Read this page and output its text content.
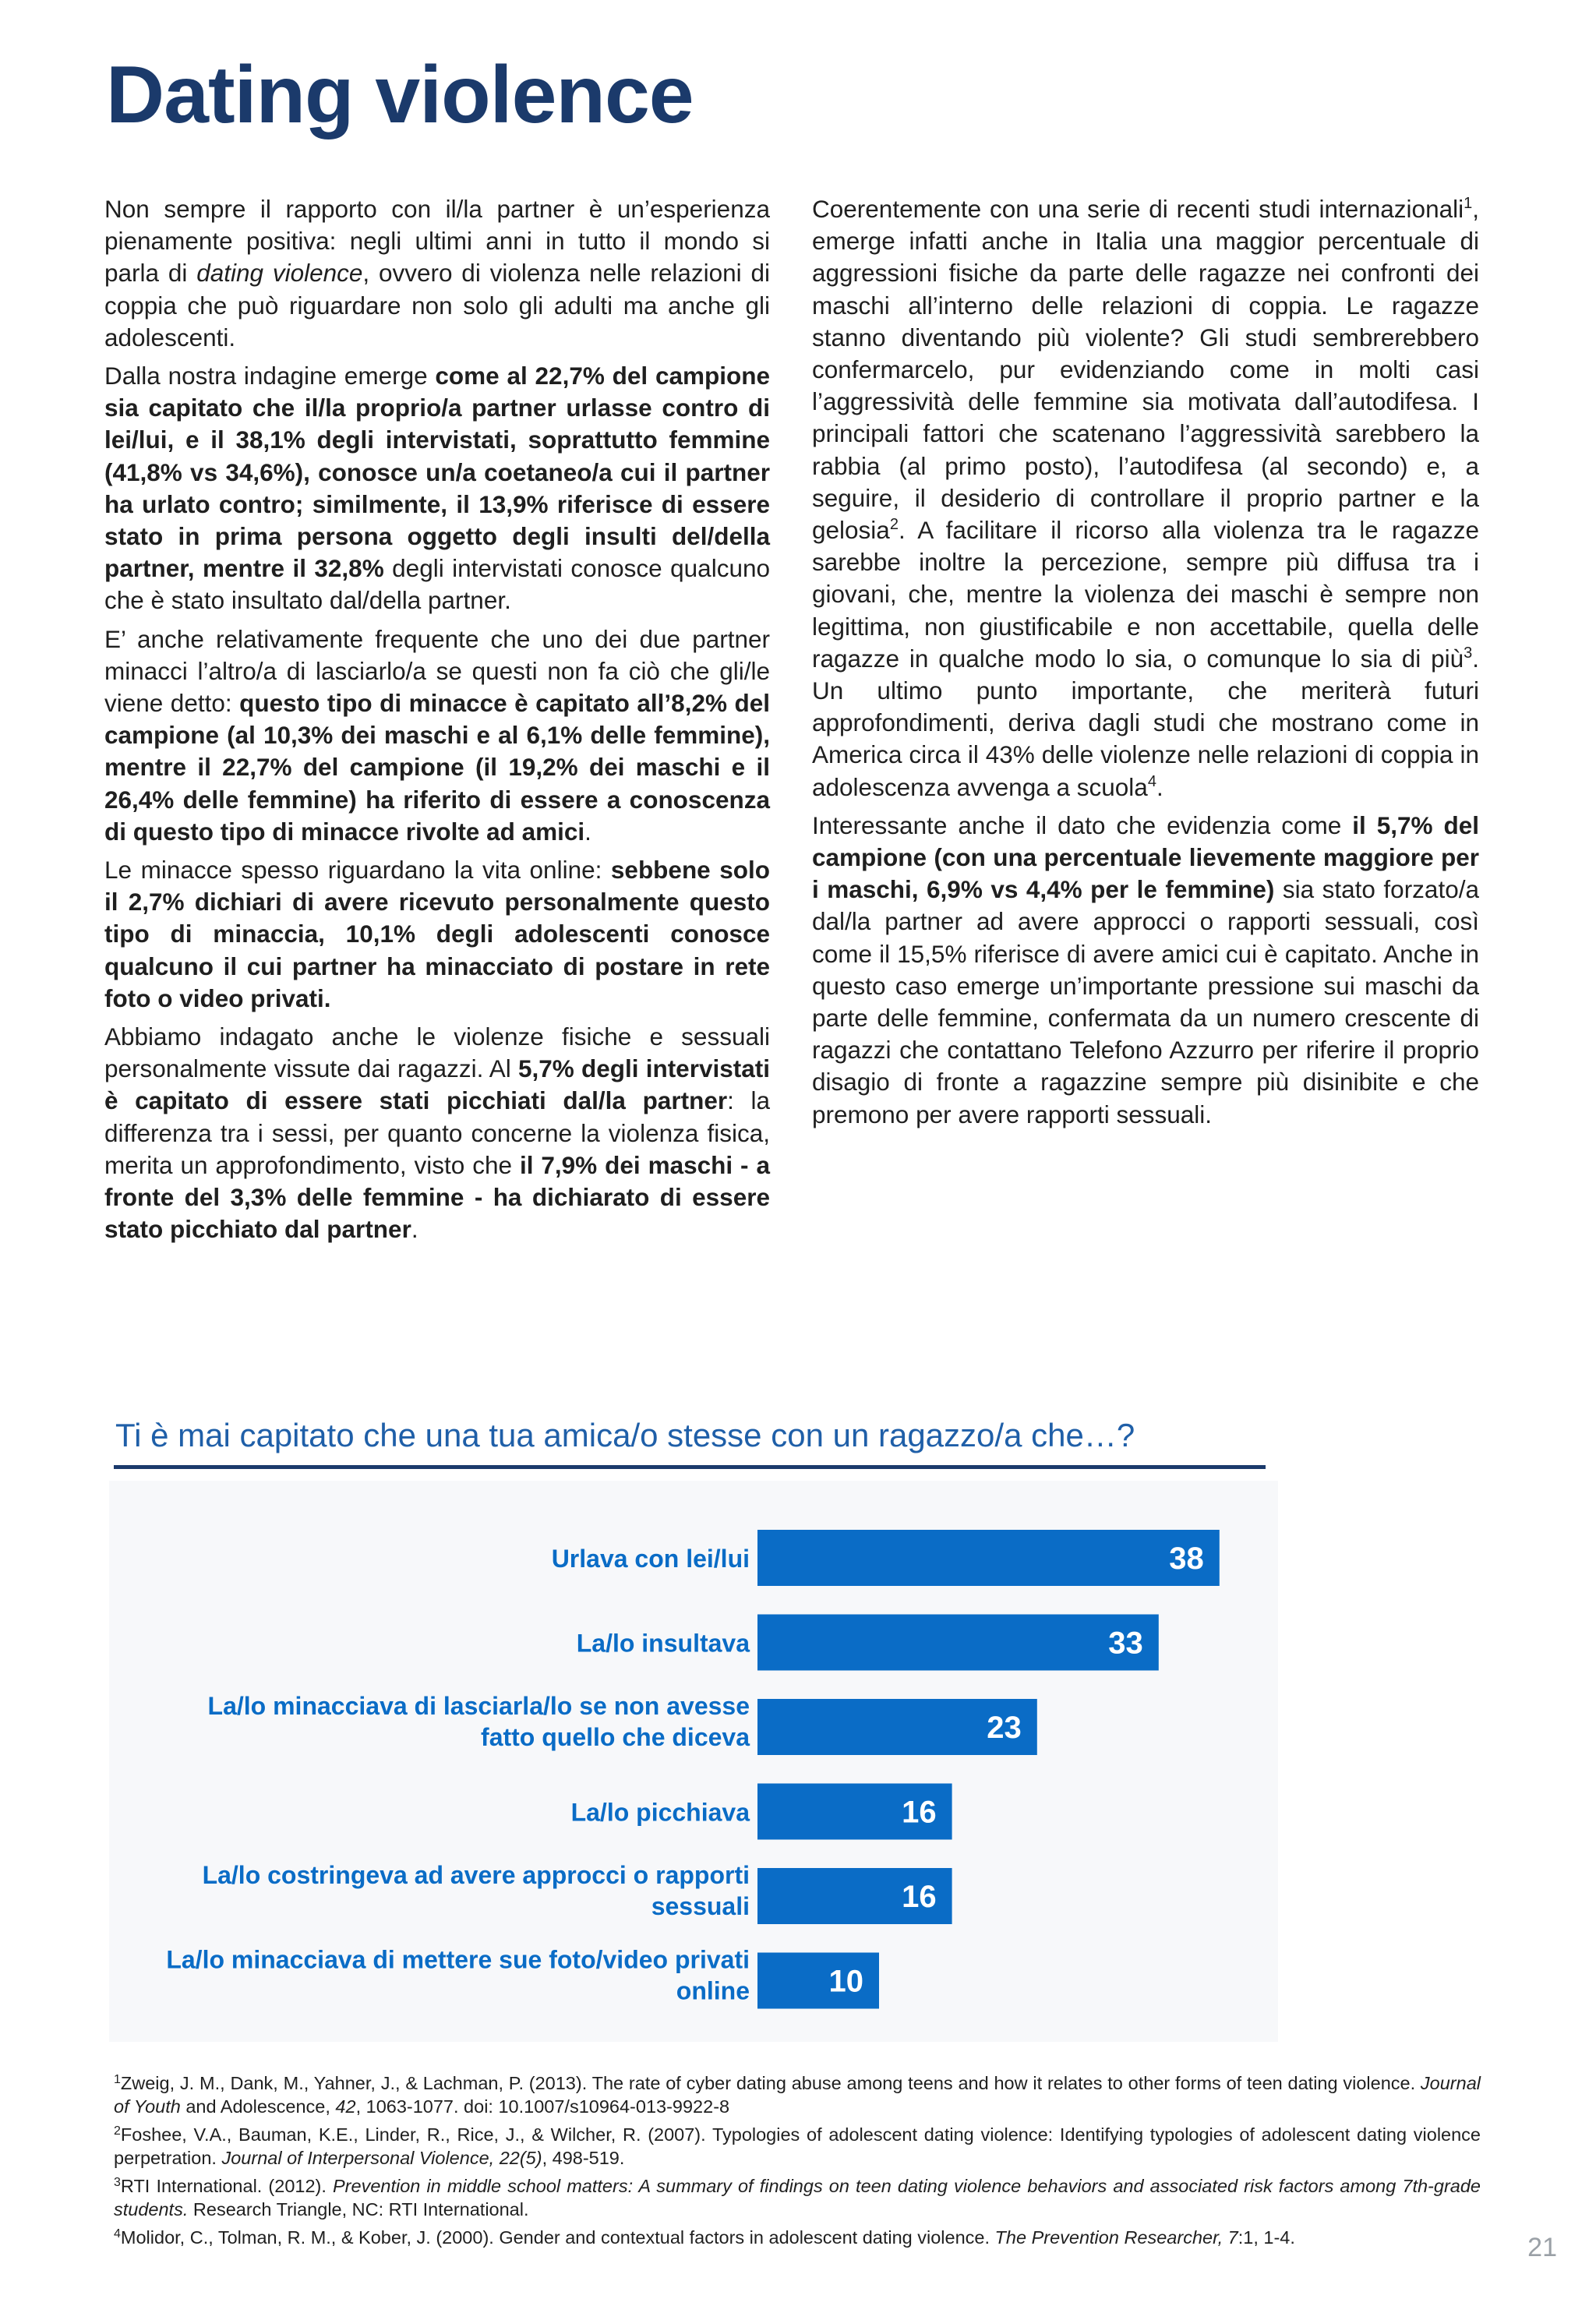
Dating violence

Non sempre il rapporto con il/la partner è un’esperienza pienamente positiva: negli ultimi anni in tutto il mondo si parla di dating violence, ovvero di violenza nelle relazioni di coppia che può riguardare non solo gli adulti ma anche gli adolescenti.

Dalla nostra indagine emerge come al 22,7% del campione sia capitato che il/la proprio/a partner urlasse contro di lei/lui, e il 38,1% degli intervistati, soprattutto femmine (41,8% vs 34,6%), conosce un/a coetaneo/a cui il partner ha urlato contro; similmente, il 13,9% riferisce di essere stato in prima persona oggetto degli insulti del/della partner, mentre il 32,8% degli intervistati conosce qualcuno che è stato insultato dal/della partner.

E’ anche relativamente frequente che uno dei due partner minacci l’altro/a di lasciarlo/a se questi non fa ciò che gli/le viene detto: questo tipo di minacce è capitato all’8,2% del campione (al 10,3% dei maschi e al 6,1% delle femmine), mentre il 22,7% del campione (il 19,2% dei maschi e il 26,4% delle femmine) ha riferito di essere a conoscenza di questo tipo di minacce rivolte ad amici.

Le minacce spesso riguardano la vita online: sebbene solo il 2,7% dichiari di avere ricevuto personalmente questo tipo di minaccia, 10,1% degli adolescenti conosce qualcuno il cui partner ha minacciato di postare in rete foto o video privati.

Abbiamo indagato anche le violenze fisiche e sessuali personalmente vissute dai ragazzi. Al 5,7% degli intervistati è capitato di essere stati picchiati dal/la partner: la differenza tra i sessi, per quanto concerne la violenza fisica, merita un approfondimento, visto che il 7,9% dei maschi - a fronte del 3,3% delle femmine - ha dichiarato di essere stato picchiato dal partner.

Coerentemente con una serie di recenti studi internazionali$^1$, emerge infatti anche in Italia una maggior percentuale di aggressioni fisiche da parte delle ragazze nei confronti dei maschi all’interno delle relazioni di coppia. Le ragazze stanno diventando più violente? Gli studi sembrerebbero confermarcelo, pur evidenziando come in molti casi l’aggressività delle femmine sia motivata dall’autodifesa. I principali fattori che scatenano l’aggressività sarebbero la rabbia (al primo posto), l’autodifesa (al secondo) e, a seguire, il desiderio di controllare il proprio partner e la gelosia$^2$. A facilitare il ricorso alla violenza tra le ragazze sarebbe inoltre la percezione, sempre più diffusa tra i giovani, che, mentre la violenza dei maschi è sempre non legittima, non giustificabile e non accettabile, quella delle ragazze in qualche modo lo sia, o comunque lo sia di più$^3$. Un ultimo punto importante, che meriterà futuri approfondimenti, deriva dagli studi che mostrano come in America circa il 43% delle violenze nelle relazioni di coppia in adolescenza avvenga a scuola$^4$.

Interessante anche il dato che evidenzia come il 5,7% del campione (con una percentuale lievemente maggiore per i maschi, 6,9% vs 4,4% per le femmine) sia stato forzato/a dal/la partner ad avere approcci o rapporti sessuali, così come il 15,5% riferisce di avere amici cui è capitato. Anche in questo caso emerge un’importante pressione sui maschi da parte delle femmine, confermata da un numero crescente di ragazzi che contattano Telefono Azzurro per riferire il proprio disagio di fronte a ragazzine sempre più disinibite e che premono per avere rapporti sessuali.

Ti è mai capitato che una tua amica/o stesse con un ragazzo/a che…?
38
Urlava con lei/lui
33
La/lo insultava
23
La/lo minacciava di lasciarla/lo se non avesse
fatto quello che diceva
16
La/lo picchiava
16
La/lo costringeva ad avere approcci o rapporti
sessuali
10
La/lo minacciava di mettere sue foto/video privati
online

$^1$Zweig, J. M., Dank, M., Yahner, J., & Lachman, P. (2013). The rate of cyber dating abuse among teens and how it relates to other forms of teen dating violence. Journal of Youth and Adolescence, 42, 1063-1077. doi: 10.1007/s10964-013-9922-8

$^2$Foshee, V.A., Bauman, K.E., Linder, R., Rice, J., & Wilcher, R. (2007). Typologies of adolescent dating violence: Identifying typologies of adolescent dating violence perpetration. Journal of Interpersonal Violence, 22(5), 498-519.

$^3$RTI International. (2012). Prevention in middle school matters: A summary of findings on teen dating violence behaviors and associated risk factors among 7th-grade students. Research Triangle, NC: RTI International.

$^4$Molidor, C., Tolman, R. M., & Kober, J. (2000). Gender and contextual factors in adolescent dating violence. The Prevention Researcher, 7:1, 1-4.	21
